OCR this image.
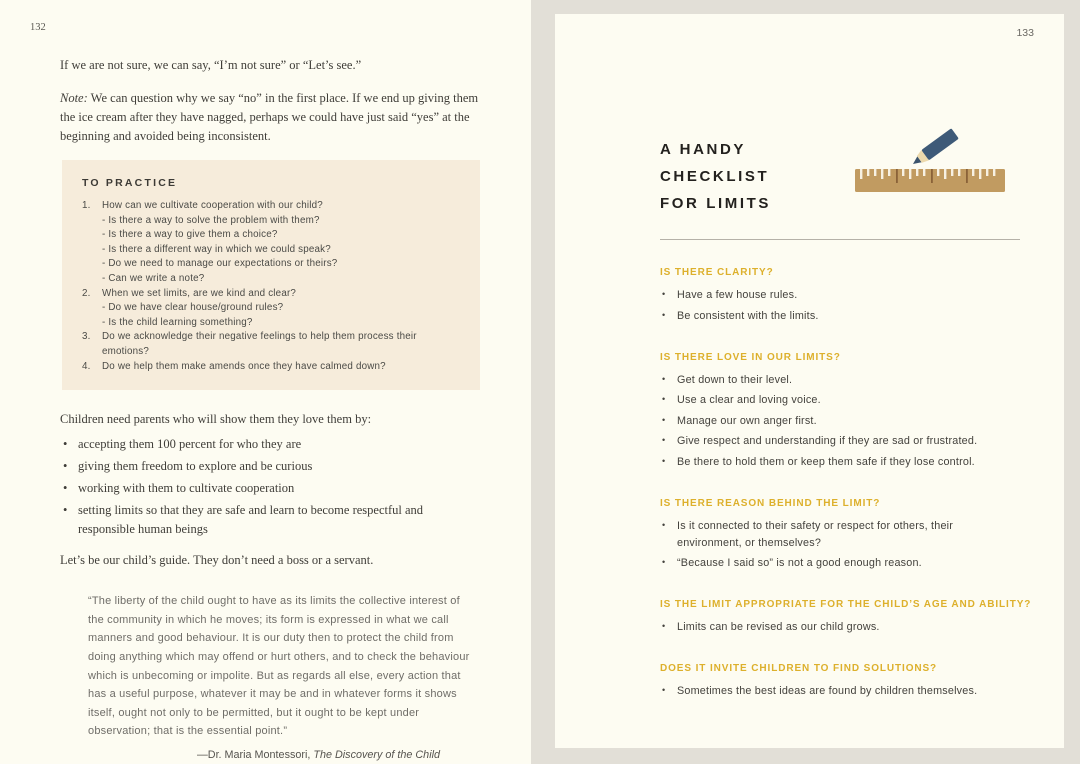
132

If we are not sure, we can say, “I’m not sure” or “Let’s see.”

Note: We can question why we say “no” in the first place. If we end up giving them the ice cream after they have nagged, perhaps we could have just said “yes” at the beginning and avoided being inconsistent.

TO PRACTICE
1.	How can we cultivate cooperation with our child?
- Is there a way to solve the problem with them?
- Is there a way to give them a choice?
- Is there a different way in which we could speak?
- Do we need to manage our expectations or theirs?
- Can we write a note?
2.	When we set limits, are we kind and clear?
- Do we have clear house/ground rules?
- Is the child learning something?
3.	Do we acknowledge their negative feelings to help them process their emotions?
4.	Do we help them make amends once they have calmed down?

Children need parents who will show them they love them by:

• accepting them 100 percent for who they are
• giving them freedom to explore and be curious
• working with them to cultivate cooperation
• setting limits so that they are safe and learn to become respectful and responsible human beings

Let’s be our child’s guide. They don’t need a boss or a servant.

“The liberty of the child ought to have as its limits the collective interest of the community in which he moves; its form is expressed in what we call manners and good behaviour. It is our duty then to protect the child from doing anything which may offend or hurt others, and to check the behaviour which is unbecoming or impolite. But as regards all else, every action that has a useful purpose, whatever it may be and in whatever forms it shows itself, ought not only to be permitted, but it ought to be kept under observation; that is the essential point.”
—Dr. Maria Montessori, The Discovery of the Child
133
A HANDY CHECKLIST
FOR LIMITS
IS THERE CLARITY?
• Have a few house rules.
• Be consistent with the limits.
IS THERE LOVE IN OUR LIMITS?
• Get down to their level.
• Use a clear and loving voice.
• Manage our own anger first.
• Give respect and understanding if they are sad or frustrated.
• Be there to hold them or keep them safe if they lose control.
IS THERE REASON BEHIND THE LIMIT?
• Is it connected to their safety or respect for others, their environment, or themselves?
• “Because I said so” is not a good enough reason.
IS THE LIMIT APPROPRIATE FOR THE CHILD’S AGE AND ABILITY?
• Limits can be revised as our child grows.
DOES IT INVITE CHILDREN TO FIND SOLUTIONS?
• Sometimes the best ideas are found by children themselves.
